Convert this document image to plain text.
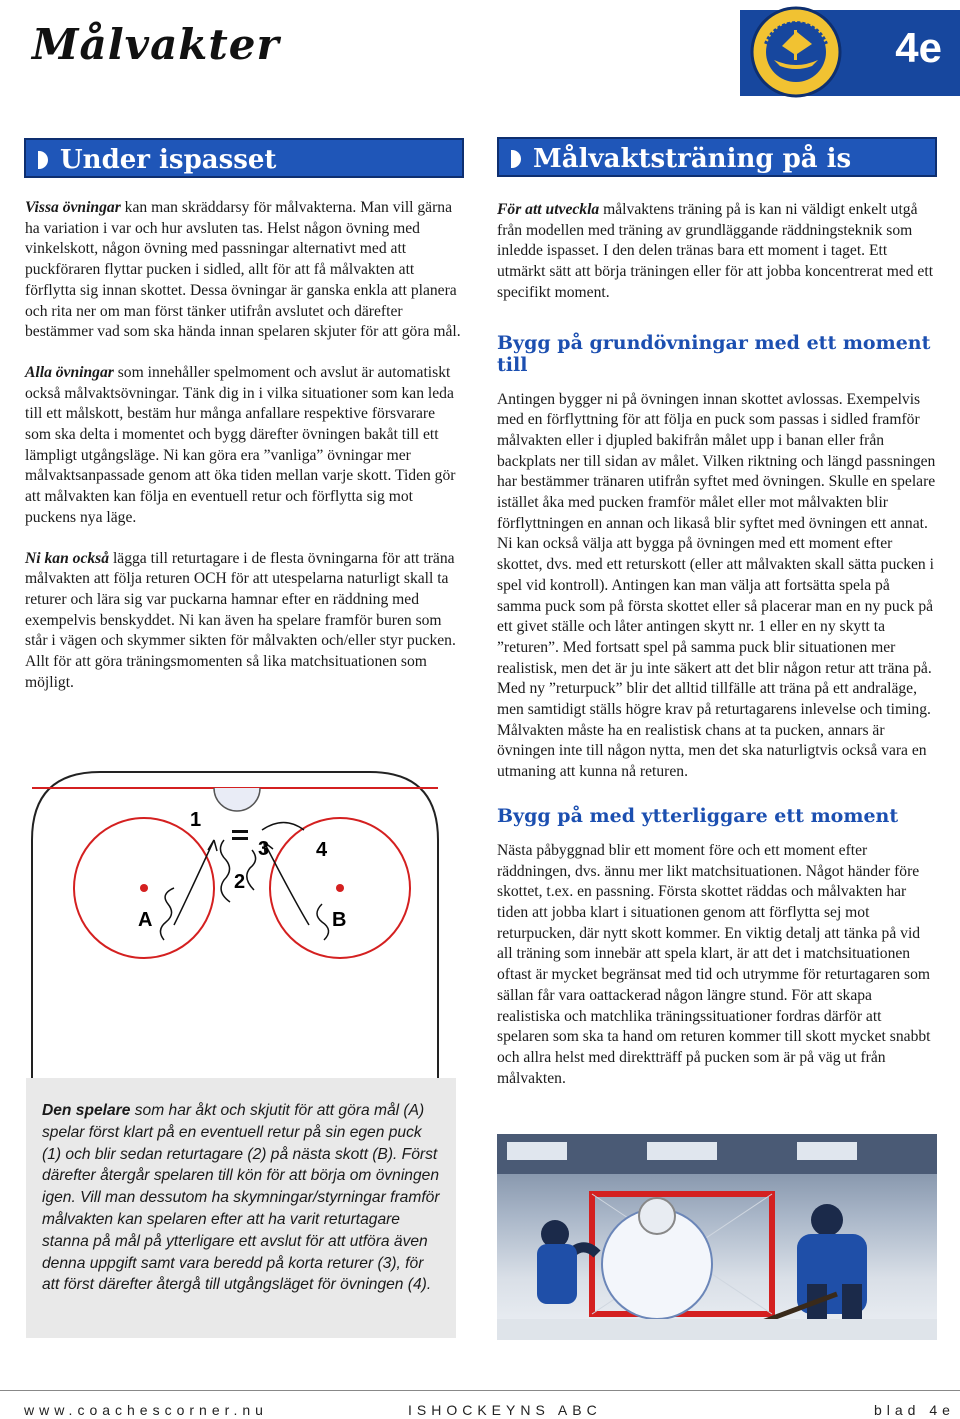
Målvakter	4e
Under ispasset

Vissa övningar kan man skräddarsy för målvakterna. Man vill gärna ha variation i var och hur avsluten tas. Helst någon övning med vinkelskott, någon övning med passningar alternativt med att puckföraren flyttar pucken i sidled, allt för att få målvakten att förflytta sig innan skottet. Dessa övningar är ganska enkla att planera och rita ner om man först tänker utifrån avslutet och därefter bestämmer vad som ska hända innan spelaren skjuter för att göra mål.

Alla övningar som innehåller spelmoment och avslut är automatiskt också målvaktsövningar. Tänk dig in i vilka situationer som kan leda till ett målskott, bestäm hur många anfallare respektive försvarare som ska delta i momentet och bygg därefter övningen bakåt till ett lämpligt utgångsläge. Ni kan göra era ”vanliga” övningar mer målvaktsanpassade genom att öka tiden mellan varje skott. Tiden gör att målvakten kan följa en eventuell retur och förflytta sig mot puckens nya läge.

Ni kan också lägga till returtagare i de flesta övningarna för att träna målvakten att följa returen OCH för att utespelarna naturligt skall ta returer och lära sig var puckarna hamnar efter en räddning med exempelvis benskyddet. Ni kan även ha spelare framför buren som står i vägen och skymmer sikten för målvakten och/eller styr pucken. Allt för att göra träningsmomenten så lika matchsituationen som möjligt.

1
2
3 4
A	B
Den spelare som har åkt och skjutit för att göra mål (A) spelar först klart på en eventuell retur på sin egen puck (1) och blir sedan returtagare (2) på nästa skott (B). Först därefter återgår spelaren till kön för att börja om övningen igen. Vill man dessutom ha skymningar/styrningar framför målvakten kan spelaren efter att ha varit returtagare stanna på mål på ytterligare ett avslut för att utföra även denna uppgift samt vara beredd på korta returer (3), för att först därefter återgå till utgångsläget för övningen (4).
Målvaktsträning på is

För att utveckla målvaktens träning på is kan ni väldigt enkelt utgå från modellen med träning av grundläggande räddningsteknik som inledde ispasset. I den delen tränas bara ett moment i taget. Ett utmärkt sätt att börja träningen eller för att jobba koncentrerat med ett specifikt moment.

Bygg på grundövningar med ett moment till

Antingen bygger ni på övningen innan skottet avlossas. Exempelvis med en förflyttning för att följa en puck som passas i sidled framför målvakten eller i djupled bakifrån målet upp i banan eller från backplats ner till sidan av målet. Vilken riktning och längd passningen har bestämmer tränaren utifrån syftet med övningen. Skulle en spelare istället åka med pucken framför målet eller mot målvakten blir förflyttningen en annan och likaså blir syftet med övningen ett annat.

Ni kan också välja att bygga på övningen med ett moment efter skottet, dvs. med ett returskott (eller att målvakten skall sätta pucken i spel vid kontroll). Antingen kan man välja att fortsätta spela på samma puck som på första skottet eller så placerar man en ny puck på ett givet ställe och låter antingen skytt nr. 1 eller en ny skytt ta ”returen”. Med fortsatt spel på samma puck blir situationen mer realistisk, men det är ju inte säkert att det blir någon retur att träna på. Med ny ”returpuck” blir det alltid tillfälle att träna på ett andraläge, men samtidigt ställs högre krav på returtagarens inlevelse och timing. Målvakten måste ha en realistisk chans at ta pucken, annars är övningen inte till någon nytta, men det ska naturligtvis också vara en utmaning att kunna nå returen.

Bygg på med ytterliggare ett moment

Nästa påbyggnad blir ett moment före och ett moment efter räddningen, dvs. ännu mer likt matchsituationen. Något händer före skottet, t.ex. en passning. Första skottet räddas och målvakten har tiden att jobba klart i situationen genom att förflytta sej mot returpucken, där nytt skott kommer. En viktig detalj att tänka på vid all träning som innebär att spela klart, är att det i matchsituationen oftast är mycket begränsat med tid och utrymme för returtagaren som sällan får vara oattackerad någon längre stund. För att skapa realistiska och matchlika träningssituationer fordras därför att spelaren som ska ta hand om returen kommer till skott mycket snabbt och allra helst med direktträff på pucken som är på väg ut från målvakten.

www.coachescorner.nu	ISHOCKEYNS ABC	blad 4e
